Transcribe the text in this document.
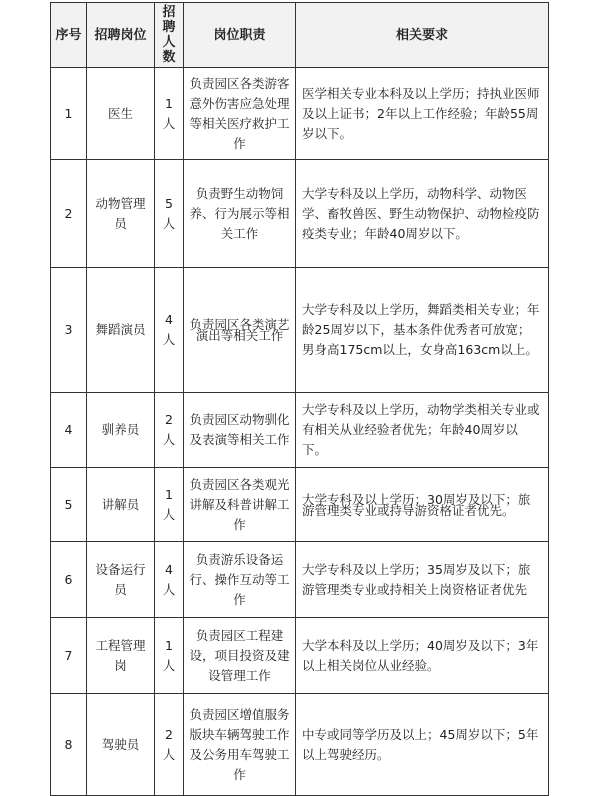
序号	招聘岗位	招聘人数	岗位职责	相关要求
1	医生	1人	负责园区各类游客意外伤害应急处理等相关医疗救护工作	医学相关专业本科及以上学历；持执业医师及以上证书；2年以上工作经验；年龄55周岁以下。
2	动物管理员	5人	负责野生动物饲养、行为展示等相关工作	大学专科及以上学历，动物科学、动物医学、畜牧兽医、野生动物保护、动物检疫防疫类专业；年龄40周岁以下。
3	舞蹈演员	4人	负责园区各类演艺演出等相关工作	大学专科及以上学历，舞蹈类相关专业；年龄25周岁以下，基本条件优秀者可放宽；男身高175cm以上，女身高163cm以上。
4	驯养员	2人	负责园区动物驯化及表演等相关工作	大学专科及以上学历，动物学类相关专业或有相关从业经验者优先；年龄40周岁以下。
5	讲解员	1人	负责园区各类观光讲解及科普讲解工作	大学专科及以上学历；30周岁及以下；旅游管理类专业或持导游资格证者优先。
6	设备运行员	4人	负责游乐设备运行、操作互动等工作	大学专科及以上学历；35周岁及以下；旅游管理类专业或持相关上岗资格证者优先
7	工程管理岗	1人	负责园区工程建设，项目投资及建设管理工作	大学本科及以上学历；40周岁及以下；3年以上相关岗位从业经验。
8	驾驶员	2人	负责园区增值服务版块车辆驾驶工作及公务用车驾驶工作	中专或同等学历及以上；45周岁以下；5年以上驾驶经历。
